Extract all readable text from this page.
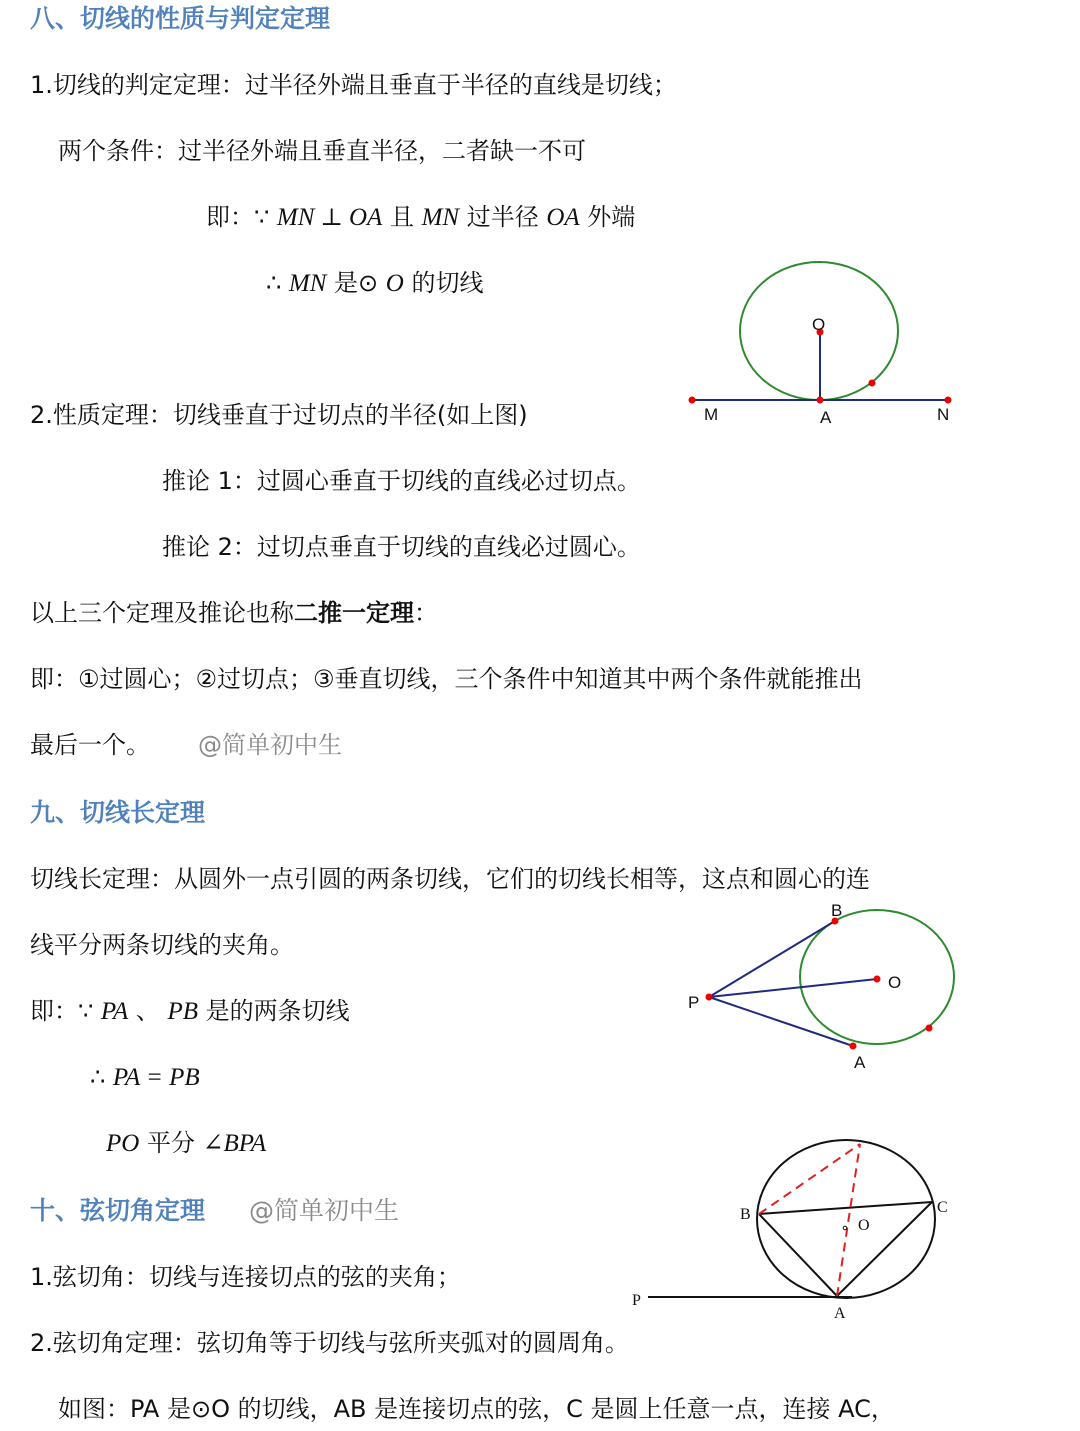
八、切线的性质与判定定理
1.切线的判定定理：过半径外端且垂直于半径的直线是切线；
两个条件：过半径外端且垂直半径，二者缺一不可
即：∵ MN ⊥ OA 且 MN 过半径 OA 外端
∴ MN 是⊙ O 的切线
2.性质定理：切线垂直于过切点的半径(如上图)
推论 1：过圆心垂直于切线的直线必过切点。
推论 2：过切点垂直于切线的直线必过圆心。
以上三个定理及推论也称二推一定理：
即：①过圆心；②过切点；③垂直切线，三个条件中知道其中两个条件就能推出
最后一个。 @简单初中生
O
M	A	N
九、切线长定理
切线长定理：从圆外一点引圆的两条切线，它们的切线长相等，这点和圆心的连
线平分两条切线的夹角。
即：∵ PA 、 PB 是的两条切线
∴ PA = PB
PO 平分 ∠BPA
B
O
P
A
十、弦切角定理 @简单初中生
1.弦切角：切线与连接切点的弦的夹角；
2.弦切角定理：弦切角等于切线与弦所夹弧对的圆周角。
如图：PA 是⊙O 的切线，AB 是连接切点的弦，C 是圆上任意一点，连接 AC，
B	C
O
P
A
